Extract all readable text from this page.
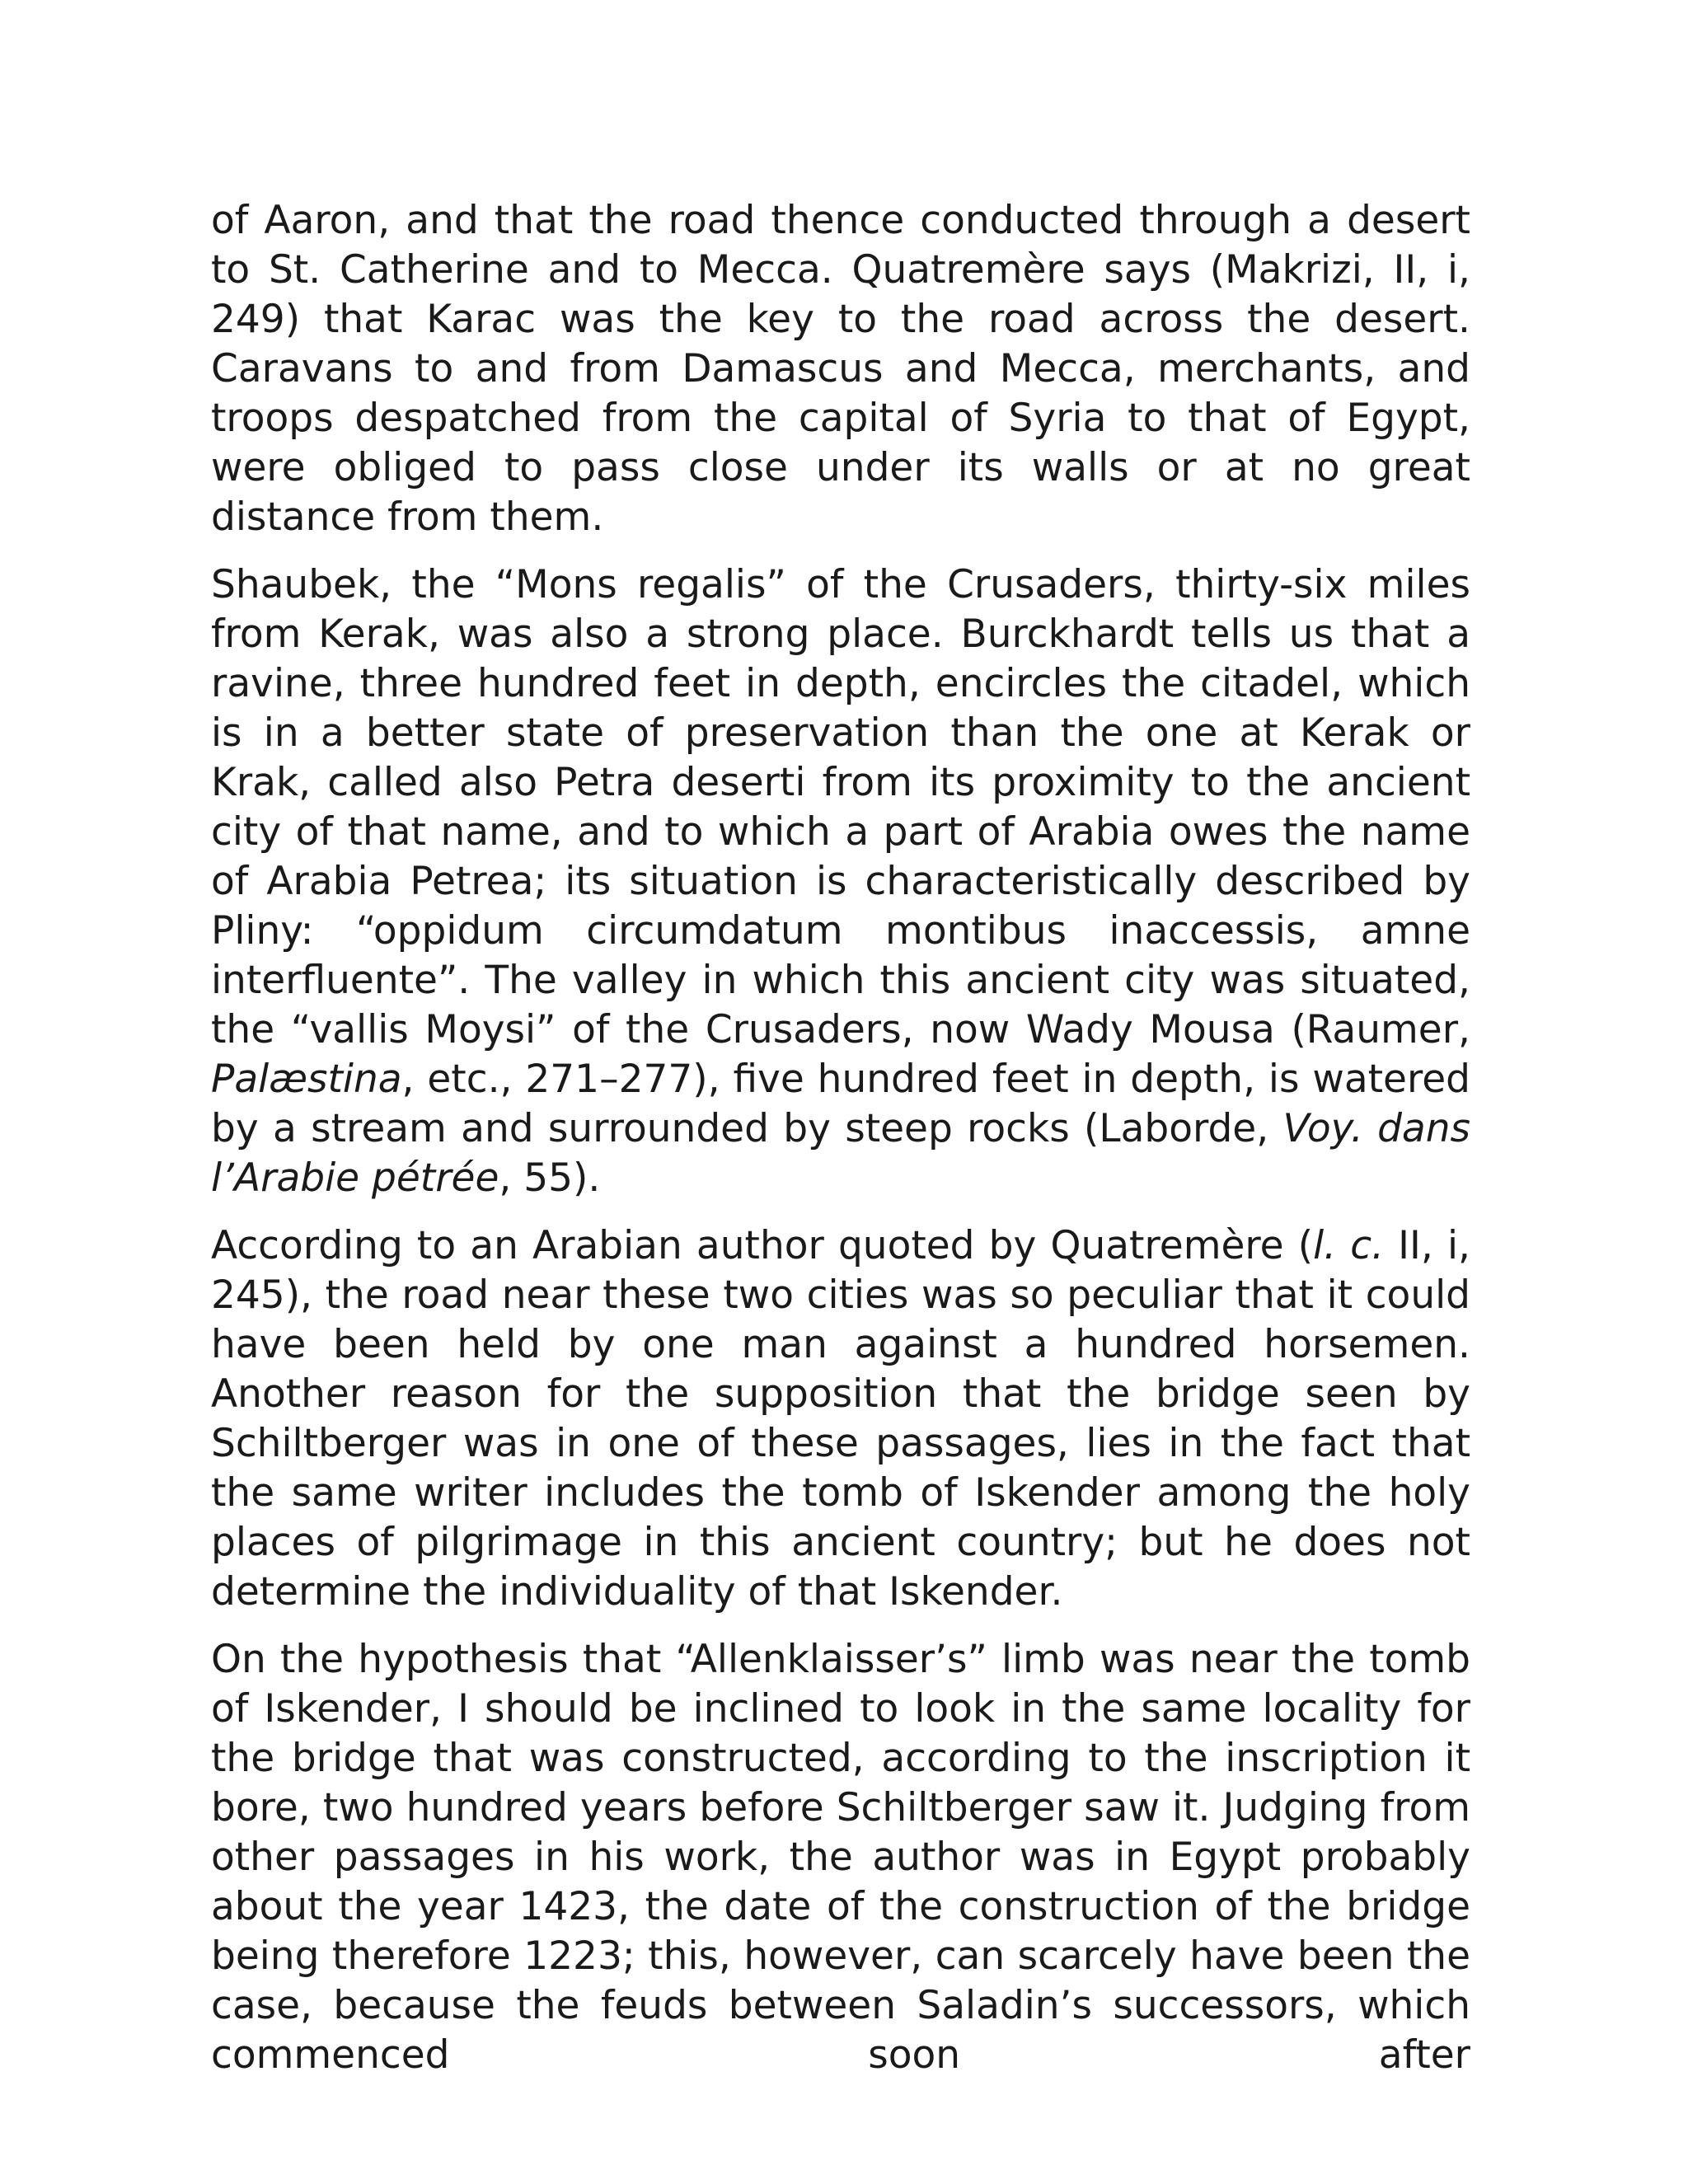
of Aaron, and that the road thence conducted through a desert to St. Catherine and to Mecca. Quatremère says (Makrizi, II, i, 249) that Karac was the key to the road across the desert. Caravans to and from Damascus and Mecca, merchants, and troops despatched from the capital of Syria to that of Egypt, were obliged to pass close under its walls or at no great distance from them.

Shaubek, the “Mons regalis” of the Crusaders, thirty-six miles from Kerak, was also a strong place. Burckhardt tells us that a ravine, three hundred feet in depth, encircles the citadel, which is in a better state of preservation than the one at Kerak or Krak, called also Petra deserti from its proximity to the ancient city of that name, and to which a part of Arabia owes the name of Arabia Petrea; its situation is characteristically described by Pliny: “oppidum circumdatum montibus inaccessis, amne interfluente”. The valley in which this ancient city was situated, the “vallis Moysi” of the Crusaders, now Wady Mousa (Raumer, Palæstina, etc., 271–277), five hundred feet in depth, is watered by a stream and surrounded by steep rocks (Laborde, Voy. dans l’Arabie pétrée, 55).

According to an Arabian author quoted by Quatremère (l. c. II, i, 245), the road near these two cities was so peculiar that it could have been held by one man against a hundred horsemen. Another reason for the supposition that the bridge seen by Schiltberger was in one of these passages, lies in the fact that the same writer includes the tomb of Iskender among the holy places of pilgrimage in this ancient country; but he does not determine the individuality of that Iskender.

On the hypothesis that “Allenklaisser’s” limb was near the tomb of Iskender, I should be inclined to look in the same locality for the bridge that was constructed, according to the inscription it bore, two hundred years before Schiltberger saw it. Judging from other passages in his work, the author was in Egypt probably about the year 1423, the date of the construction of the bridge being therefore 1223; this, however, can scarcely have been the case, because the feuds between Saladin’s successors, which commenced soon after
